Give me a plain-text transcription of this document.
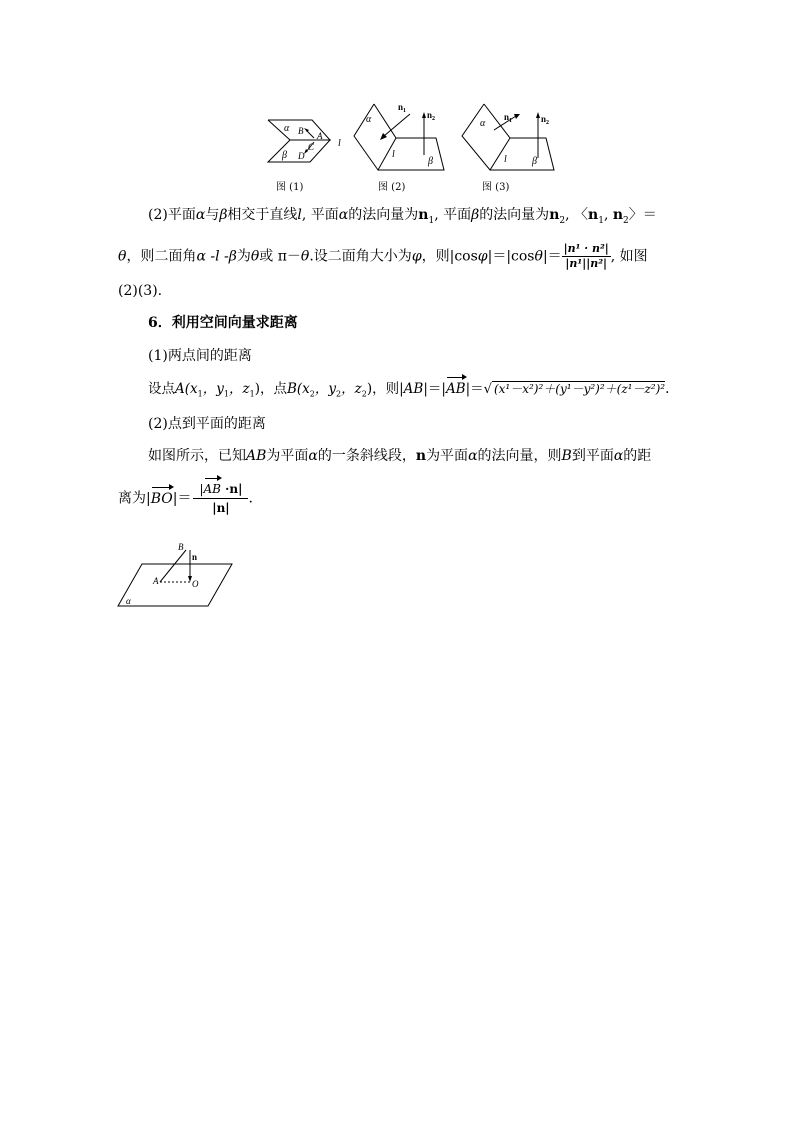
α B A
C
β D
l
图 (1)
α
$n_1$ $n_2$
l
β
图 (2)
α
$n_1$	$n_2$
l	β
图 (3)
(2)平面α与β相交于直线l, 平面α的法向量为$n_1$, 平面β的法向量为$n_2$, 〈$n_1$, $n_2$〉＝
θ，则二面角α -l -β为θ或 π－θ.设二面角大小为φ，则$|\cos\varphi|=|\cos\theta|= \frac{\text{|n¹ · n²|}}{\text{|n¹||n²|}}$ , 如图
(2)(3).
6．利用空间向量求距离
(1)两点间的距离
设点$A(x_1$，$y_1$，$z_1$)，点$B(x_2$，$y_2$，$z_2$)，则|AB|＝|AB|＝√ (x¹－x²)²＋(y¹－y²)²＋(z¹－z²)².
(2)点到平面的距离
如图所示，已知AB为平面α的一条斜线段，n为平面α的法向量，则B到平面α的距
离为$|BO|= \frac{|AB \cdot n|}{|n|}$ .
B
n
A	O
α
